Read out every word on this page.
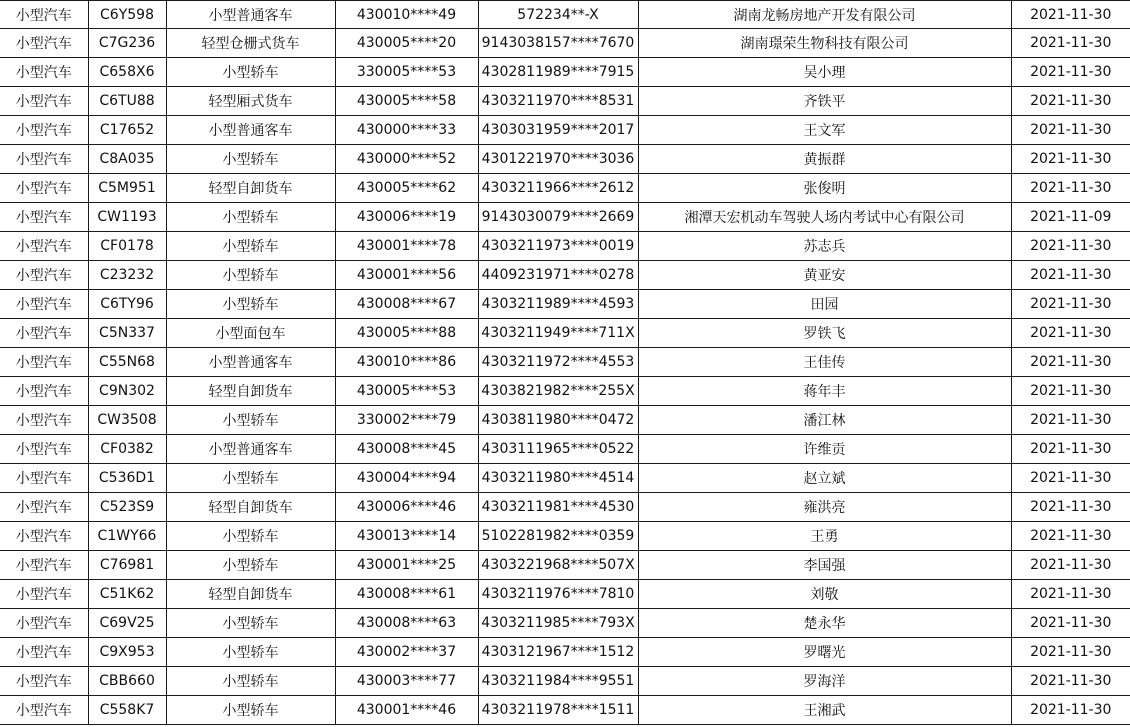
小型汽车	C6Y598	小型普通客车	430010****49	572234**-X	湖南龙畅房地产开发有限公司	2021-11-30
小型汽车	C7G236	轻型仓栅式货车	430005****20	9143038157****7670	湖南璟荣生物科技有限公司	2021-11-30
小型汽车	C658X6	小型轿车	330005****53	4302811989****7915	吴小理	2021-11-30
小型汽车	C6TU88	轻型厢式货车	430005****58	4303211970****8531	齐铁平	2021-11-30
小型汽车	C17652	小型普通客车	430000****33	4303031959****2017	王文军	2021-11-30
小型汽车	C8A035	小型轿车	430000****52	4301221970****3036	黄振群	2021-11-30
小型汽车	C5M951	轻型自卸货车	430005****62	4303211966****2612	张俊明	2021-11-30
小型汽车	CW1193	小型轿车	430006****19	9143030079****2669	湘潭天宏机动车驾驶人场内考试中心有限公司	2021-11-09
小型汽车	CF0178	小型轿车	430001****78	4303211973****0019	苏志兵	2021-11-30
小型汽车	C23232	小型轿车	430001****56	4409231971****0278	黄亚安	2021-11-30
小型汽车	C6TY96	小型轿车	430008****67	4303211989****4593	田园	2021-11-30
小型汽车	C5N337	小型面包车	430005****88	4303211949****711X	罗铁飞	2021-11-30
小型汽车	C55N68	小型普通客车	430010****86	4303211972****4553	王佳传	2021-11-30
小型汽车	C9N302	轻型自卸货车	430005****53	4303821982****255X	蒋年丰	2021-11-30
小型汽车	CW3508	小型轿车	330002****79	4303811980****0472	潘江林	2021-11-30
小型汽车	CF0382	小型普通客车	430008****45	4303111965****0522	许维贡	2021-11-30
小型汽车	C536D1	小型轿车	430004****94	4303211980****4514	赵立斌	2021-11-30
小型汽车	C523S9	轻型自卸货车	430006****46	4303211981****4530	雍洪亮	2021-11-30
小型汽车	C1WY66	小型轿车	430013****14	5102281982****0359	王勇	2021-11-30
小型汽车	C76981	小型轿车	430001****25	4303221968****507X	李国强	2021-11-30
小型汽车	C51K62	轻型自卸货车	430008****61	4303211976****7810	刘敬	2021-11-30
小型汽车	C69V25	小型轿车	430008****63	4303211985****793X	楚永华	2021-11-30
小型汽车	C9X953	小型轿车	430002****37	4303121967****1512	罗曙光	2021-11-30
小型汽车	CBB660	小型轿车	430003****77	4303211984****9551	罗海洋	2021-11-30
小型汽车	C558K7	小型轿车	430001****46	4303211978****1511	王湘武	2021-11-30
